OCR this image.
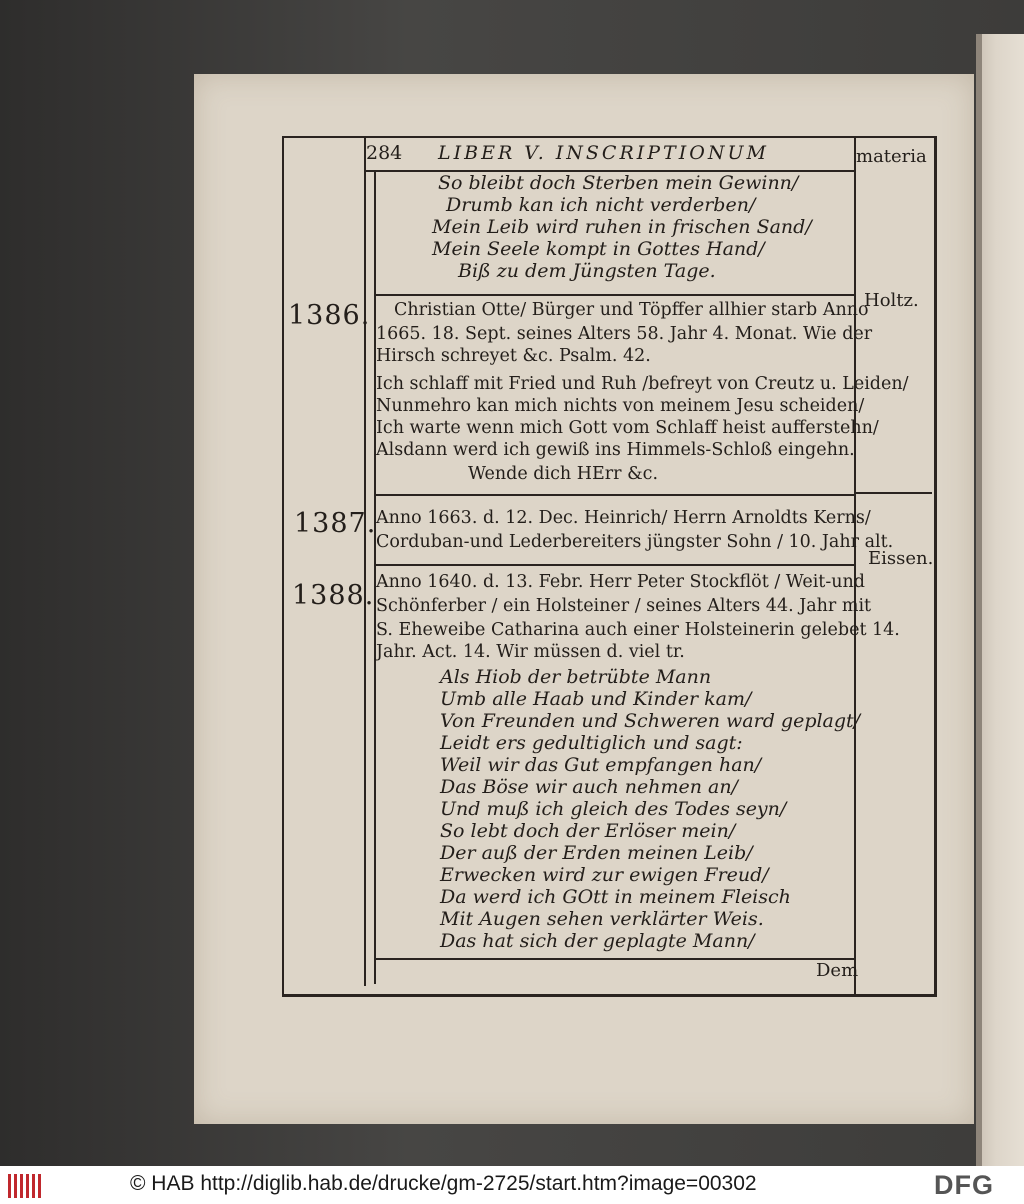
284 LIBER V. INSCRIPTIONUM	materia
So bleibt doch Sterben mein Gewinn/
Drumb kan ich nicht verderben/
Mein Leib wird ruhen in frischen Sand/
Mein Seele kompt in Gottes Hand/
Biß zu dem Jüngsten Tage.
1386.	Holtz.
Christian Otte/ Bürger und Töpffer allhier starb Anno
1665. 18. Sept. seines Alters 58. Jahr 4. Monat. Wie der
Hirsch schreyet &c. Psalm. 42.
Ich schlaff mit Fried und Ruh /befreyt von Creutz u. Leiden/
Nunmehro kan mich nichts von meinem Jesu scheiden/
Ich warte wenn mich Gott vom Schlaff heist aufferstehn/
Alsdann werd ich gewiß ins Himmels-Schloß eingehn.
Wende dich HErr &c.
1387. Anno 1663. d. 12. Dec. Heinrich/ Herrn Arnoldts Kerns/
Corduban-und Lederbereiters jüngster Sohn / 10. Jahr alt.
Eissen.
1388. Anno 1640. d. 13. Febr. Herr Peter Stockflöt / Weit-und
Schönferber / ein Holsteiner / seines Alters 44. Jahr mit
S. Eheweibe Catharina auch einer Holsteinerin gelebet 14.
Jahr. Act. 14. Wir müssen d. viel tr.
Als Hiob der betrübte Mann
Umb alle Haab und Kinder kam/
Von Freunden und Schweren ward geplagt/
Leidt ers gedultiglich und sagt:
Weil wir das Gut empfangen han/
Das Böse wir auch nehmen an/
Und muß ich gleich des Todes seyn/
So lebt doch der Erlöser mein/
Der auß der Erden meinen Leib/
Erwecken wird zur ewigen Freud/
Da werd ich GOtt in meinem Fleisch
Mit Augen sehen verklärter Weis.
Das hat sich der geplagte Mann/
Dem
© HAB http://diglib.hab.de/drucke/gm-2725/start.htm?image=00302	DFG
